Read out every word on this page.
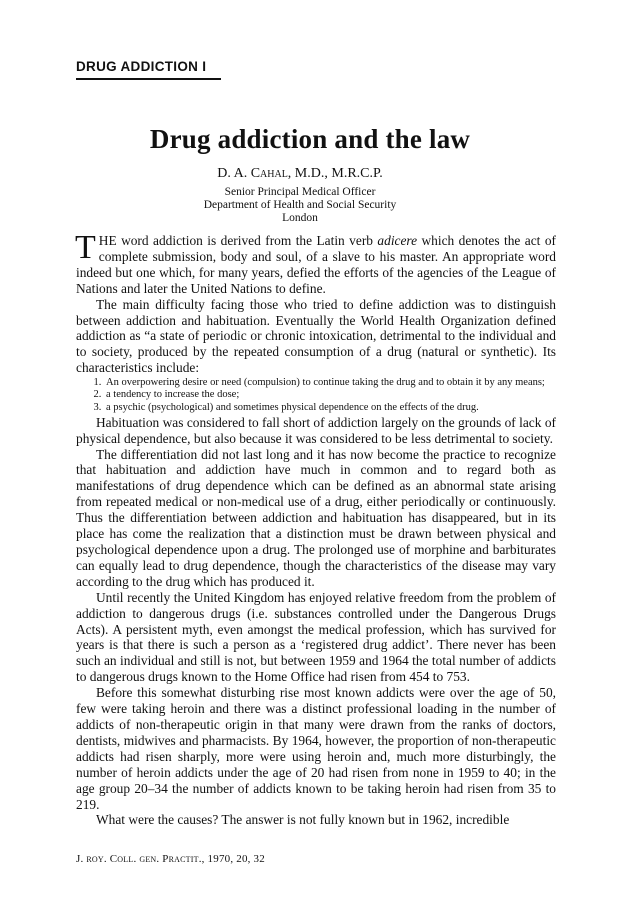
DRUG ADDICTION I
Drug addiction and the law
D. A. Cahal, M.D., M.R.C.P.
Senior Principal Medical Officer
Department of Health and Social Security
London

THE word addiction is derived from the Latin verb adicere which denotes the act of complete submission, body and soul, of a slave to his master. An appropriate word indeed but one which, for many years, defied the efforts of the agencies of the League of Nations and later the United Nations to define.

The main difficulty facing those who tried to define addiction was to distinguish between addiction and habituation. Eventually the World Health Organization defined addiction as “a state of periodic or chronic intoxication, detrimental to the individual and to society, produced by the repeated consumption of a drug (natural or synthetic). Its characteristics include:

1. An overpowering desire or need (compulsion) to continue taking the drug and to obtain it by any means;
2. a tendency to increase the dose;
3. a psychic (psychological) and sometimes physical dependence on the effects of the drug.

Habituation was considered to fall short of addiction largely on the grounds of lack of physical dependence, but also because it was considered to be less detrimental to society.

The differentiation did not last long and it has now become the practice to recognize that habituation and addiction have much in common and to regard both as manifestations of drug dependence which can be defined as an abnormal state arising from repeated medical or non-medical use of a drug, either periodically or continuously. Thus the differentiation between addiction and habituation has disappeared, but in its place has come the realization that a distinction must be drawn between physical and psychological dependence upon a drug. The prolonged use of morphine and barbiturates can equally lead to drug dependence, though the characteristics of the disease may vary according to the drug which has produced it.

Until recently the United Kingdom has enjoyed relative freedom from the problem of addiction to dangerous drugs (i.e. substances controlled under the Dangerous Drugs Acts). A persistent myth, even amongst the medical profession, which has survived for years is that there is such a person as a ‘registered drug addict’. There never has been such an individual and still is not, but between 1959 and 1964 the total number of addicts to dangerous drugs known to the Home Office had risen from 454 to 753.

Before this somewhat disturbing rise most known addicts were over the age of 50, few were taking heroin and there was a distinct professional loading in the number of addicts of non-therapeutic origin in that many were drawn from the ranks of doctors, dentists, midwives and pharmacists. By 1964, however, the proportion of non-therapeutic addicts had risen sharply, more were using heroin and, much more disturbingly, the number of heroin addicts under the age of 20 had risen from none in 1959 to 40; in the age group 20–34 the number of addicts known to be taking heroin had risen from 35 to 219.

What were the causes? The answer is not fully known but in 1962, incredible

J. roy. Coll. gen. Practit., 1970, 20, 32
